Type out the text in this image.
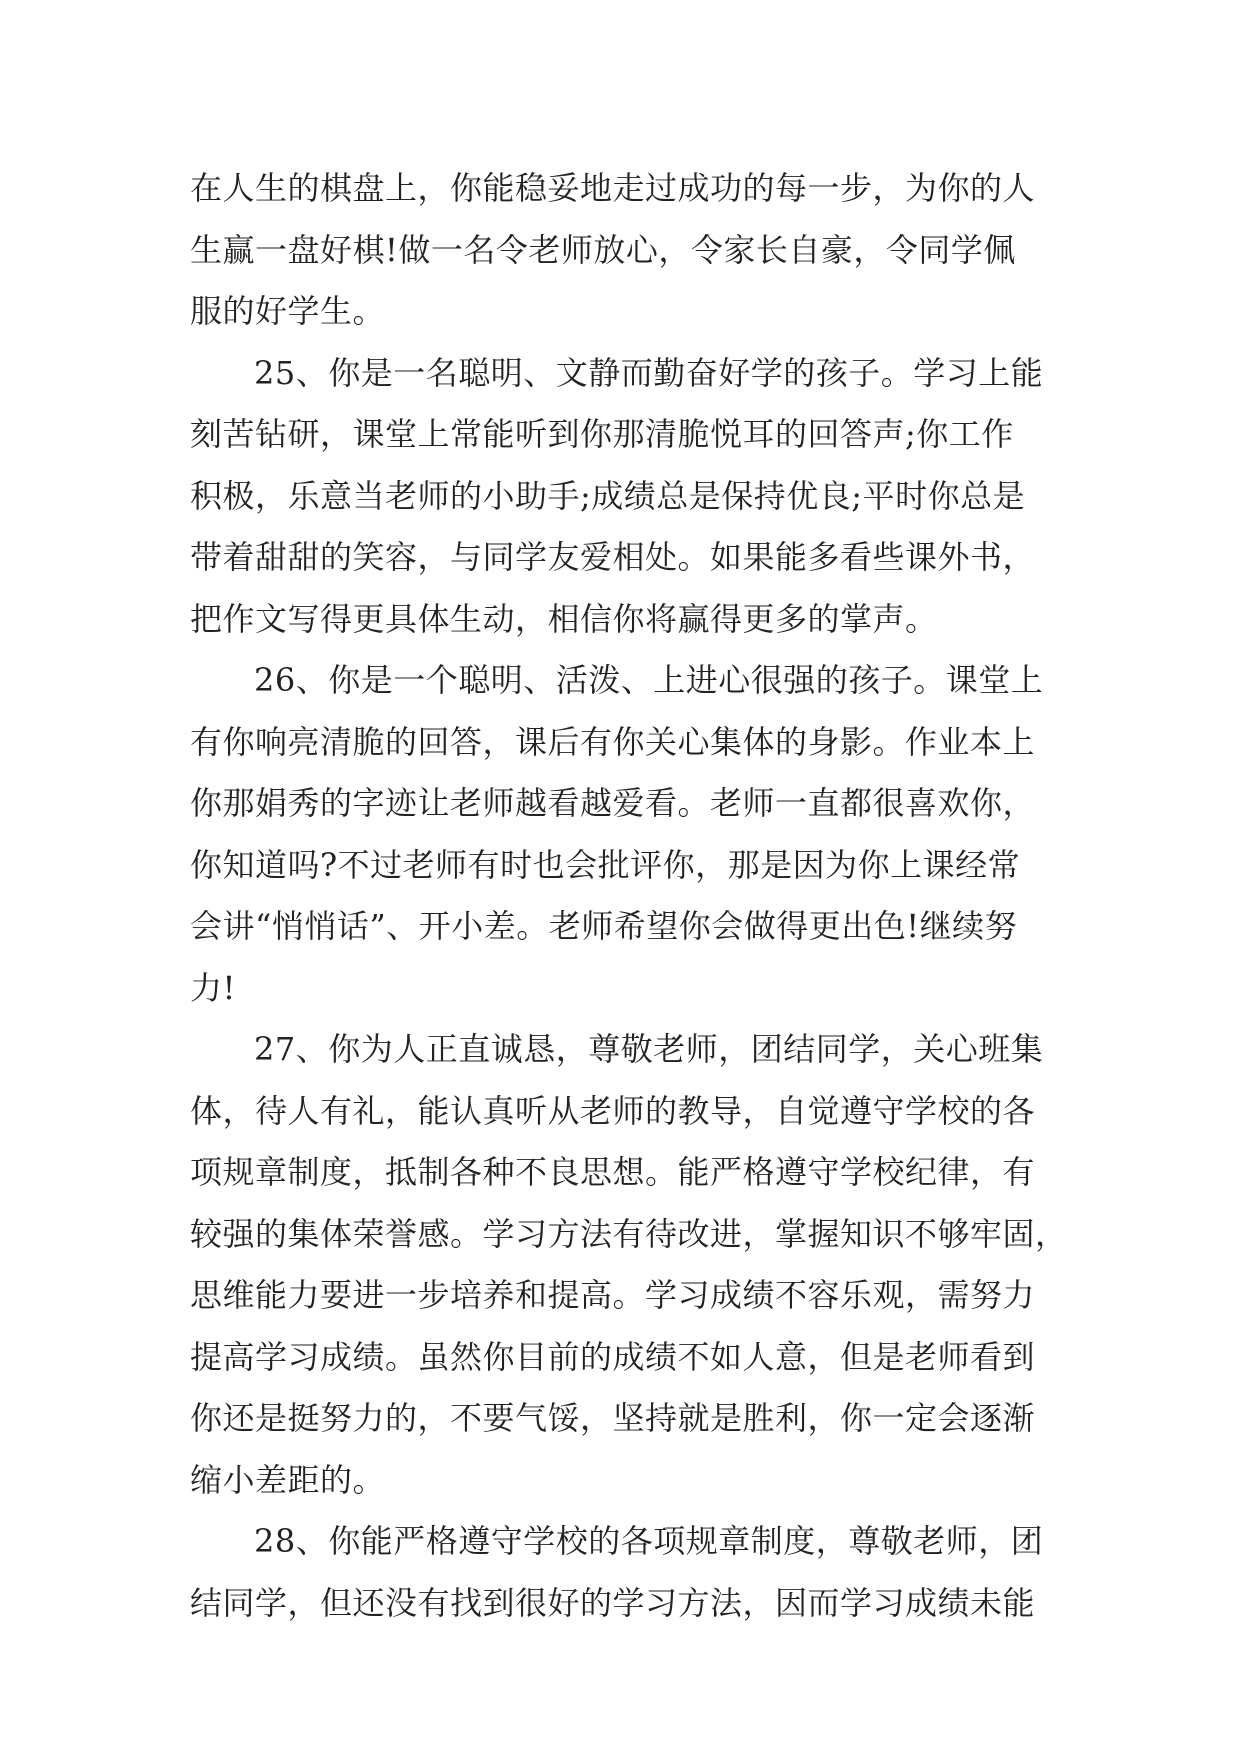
在人生的棋盘上，你能稳妥地走过成功的每一步，为你的人
生赢一盘好棋!做一名令老师放心，令家长自豪，令同学佩
服的好学生。
25、你是一名聪明、文静而勤奋好学的孩子。学习上能
刻苦钻研，课堂上常能听到你那清脆悦耳的回答声;你工作
积极，乐意当老师的小助手;成绩总是保持优良;平时你总是
带着甜甜的笑容，与同学友爱相处。如果能多看些课外书，
把作文写得更具体生动，相信你将赢得更多的掌声。
26、你是一个聪明、活泼、上进心很强的孩子。课堂上
有你响亮清脆的回答，课后有你关心集体的身影。作业本上
你那娟秀的字迹让老师越看越爱看。老师一直都很喜欢你，
你知道吗?不过老师有时也会批评你，那是因为你上课经常
会讲“悄悄话”、开小差。老师希望你会做得更出色!继续努
力!
27、你为人正直诚恳，尊敬老师，团结同学，关心班集
体，待人有礼，能认真听从老师的教导，自觉遵守学校的各
项规章制度，抵制各种不良思想。能严格遵守学校纪律，有
较强的集体荣誉感。学习方法有待改进，掌握知识不够牢固，
思维能力要进一步培养和提高。学习成绩不容乐观，需努力
提高学习成绩。虽然你目前的成绩不如人意，但是老师看到
你还是挺努力的，不要气馁，坚持就是胜利，你一定会逐渐
缩小差距的。
28、你能严格遵守学校的各项规章制度，尊敬老师，团
结同学，但还没有找到很好的学习方法，因而学习成绩未能
